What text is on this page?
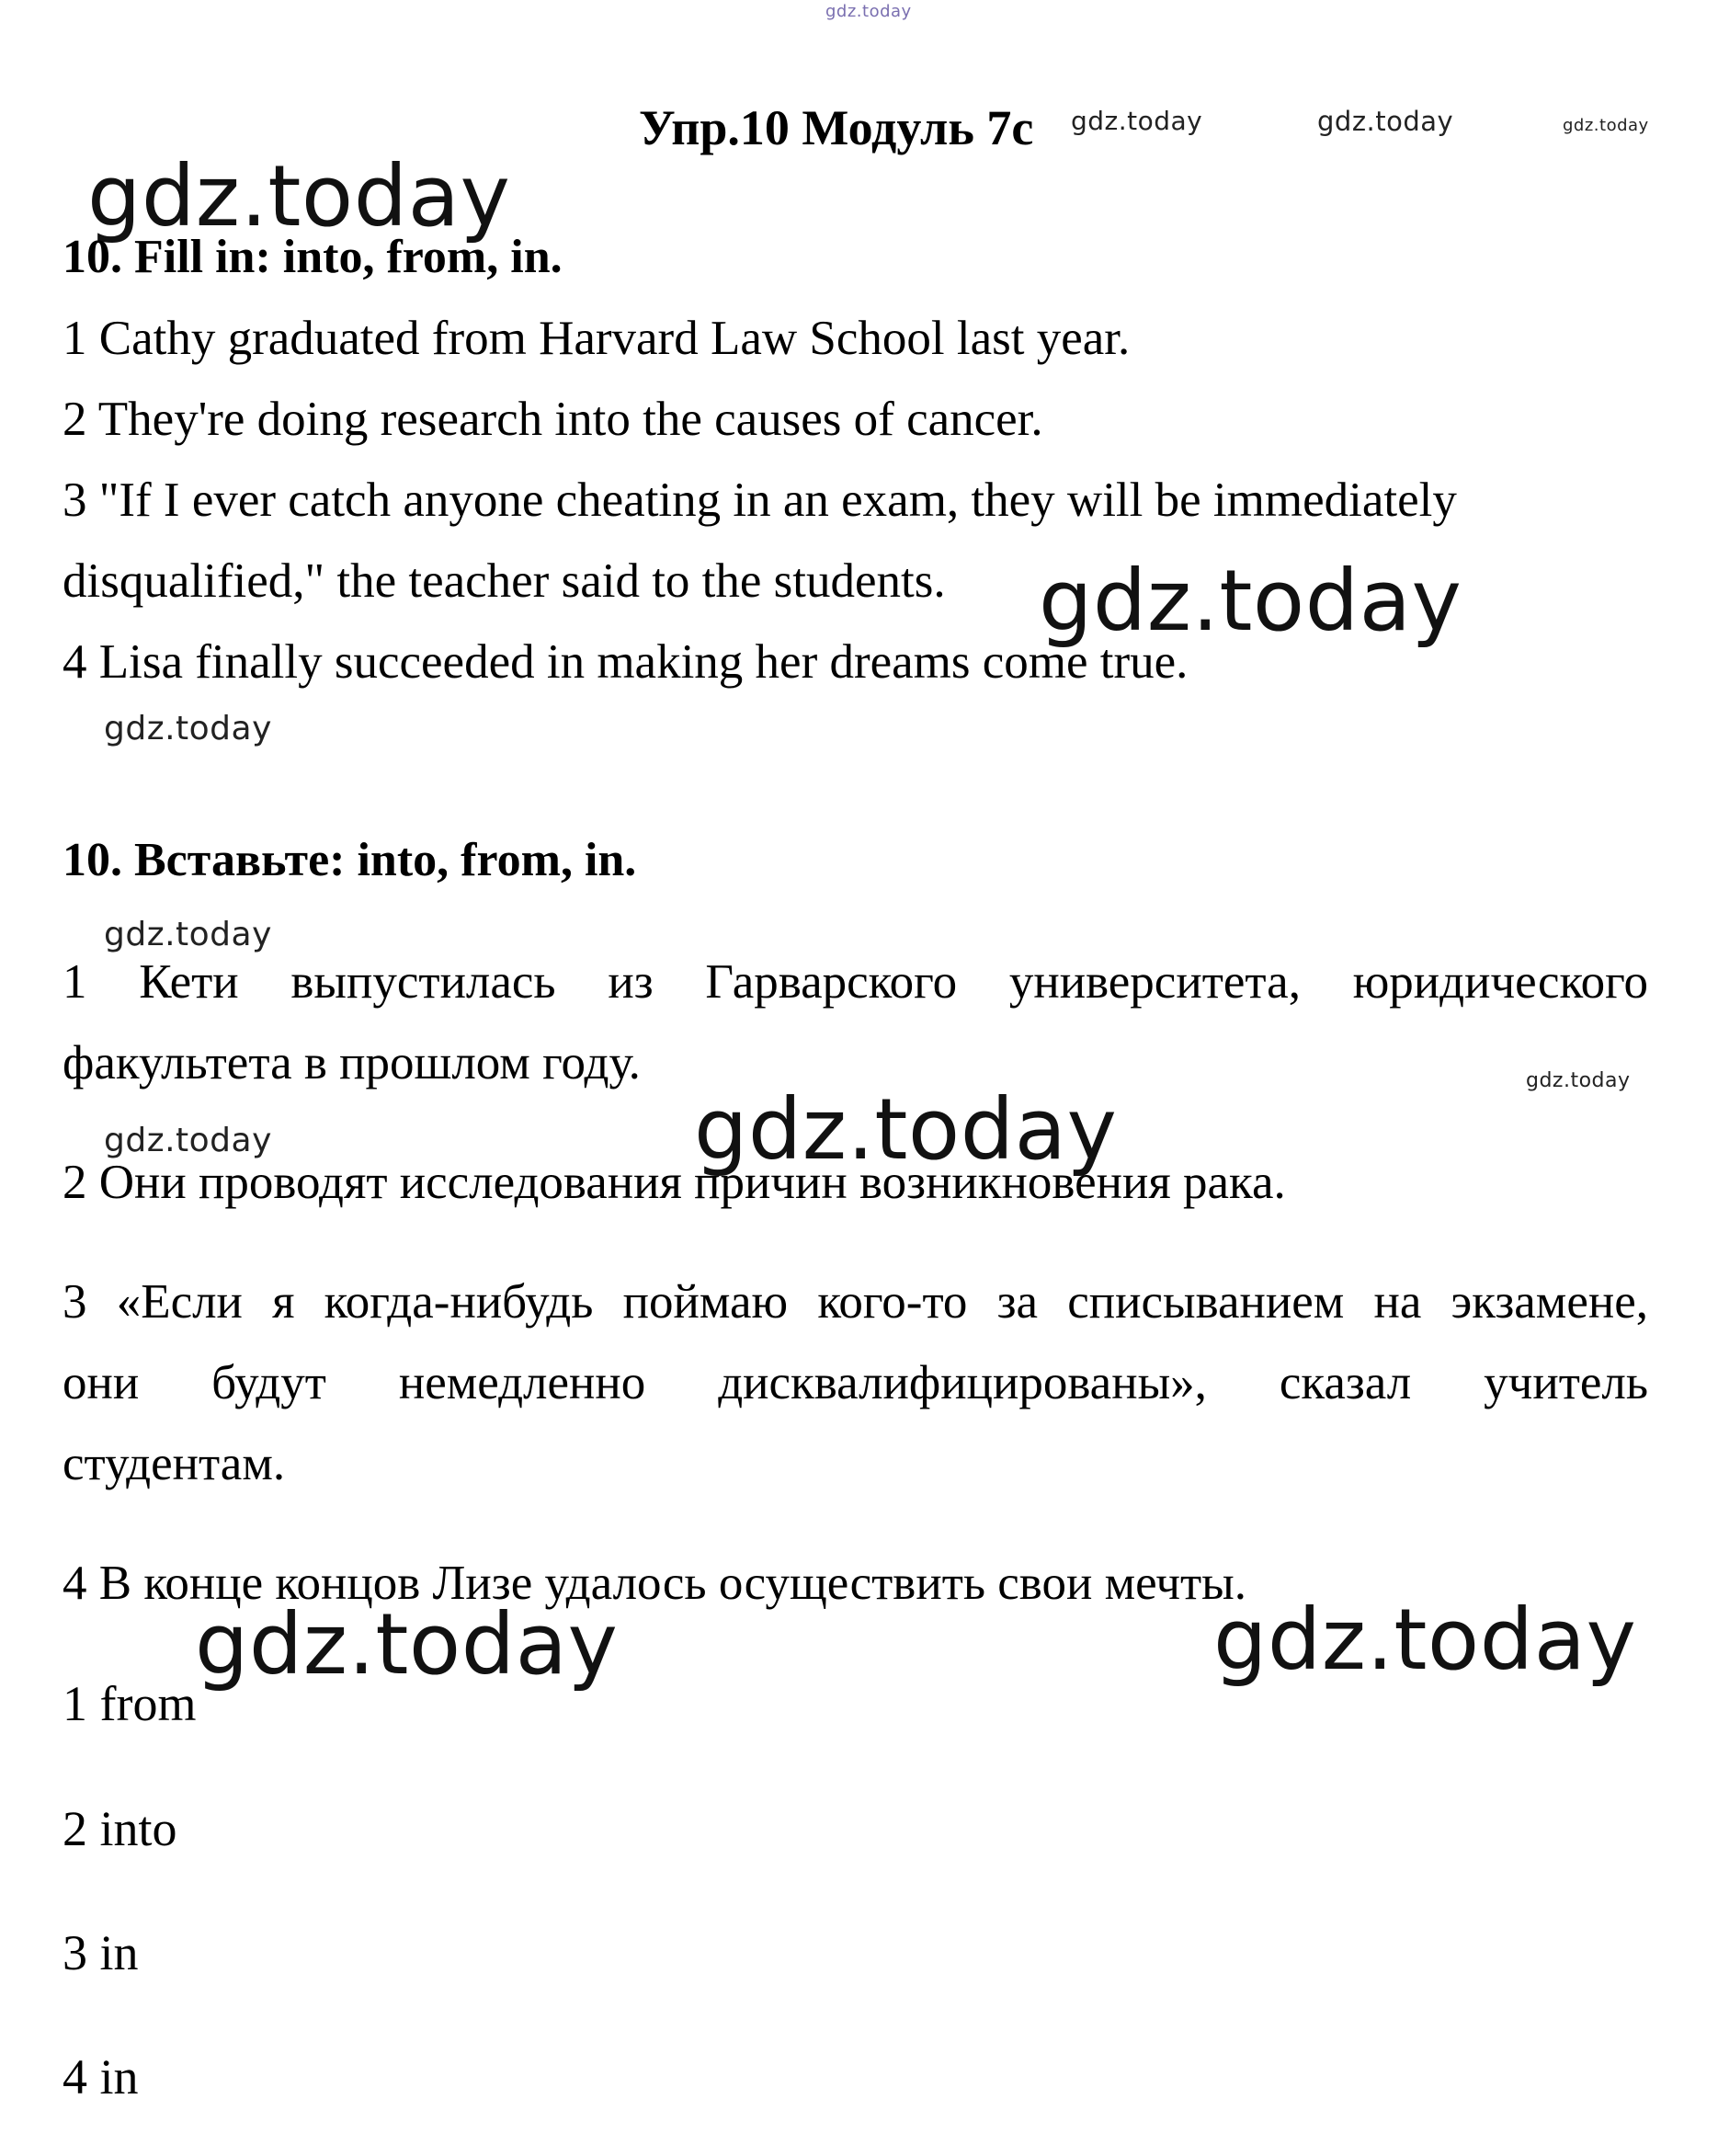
gdz.today
gdz.today	gdz.today	gdz.today
gdz.today
gdz.today
gdz.today
gdz.today
gdz.today
gdz.today
gdz.today
gdz.today	gdz.today
Упр.10 Модуль 7с
10. Fill in: into, from, in.
1 Cathy graduated from Harvard Law School last year.
2 They're doing research into the causes of cancer.
3 "If I ever catch anyone cheating in an exam, they will be immediately
disqualified," the teacher said to the students.
4 Lisa finally succeeded in making her dreams come true.
10. Вставьте: into, from, in.
1 Кети выпустилась из Гарварского университета, юридического
факультета в прошлом году.
2 Они проводят исследования причин возникновения рака.
3 «Если я когда-нибудь поймаю кого-то за списыванием на экзамене,
они будут немедленно дисквалифицированы», сказал учитель
студентам.
4 В конце концов Лизе удалось осуществить свои мечты.
1 from
2 into
3 in
4 in
